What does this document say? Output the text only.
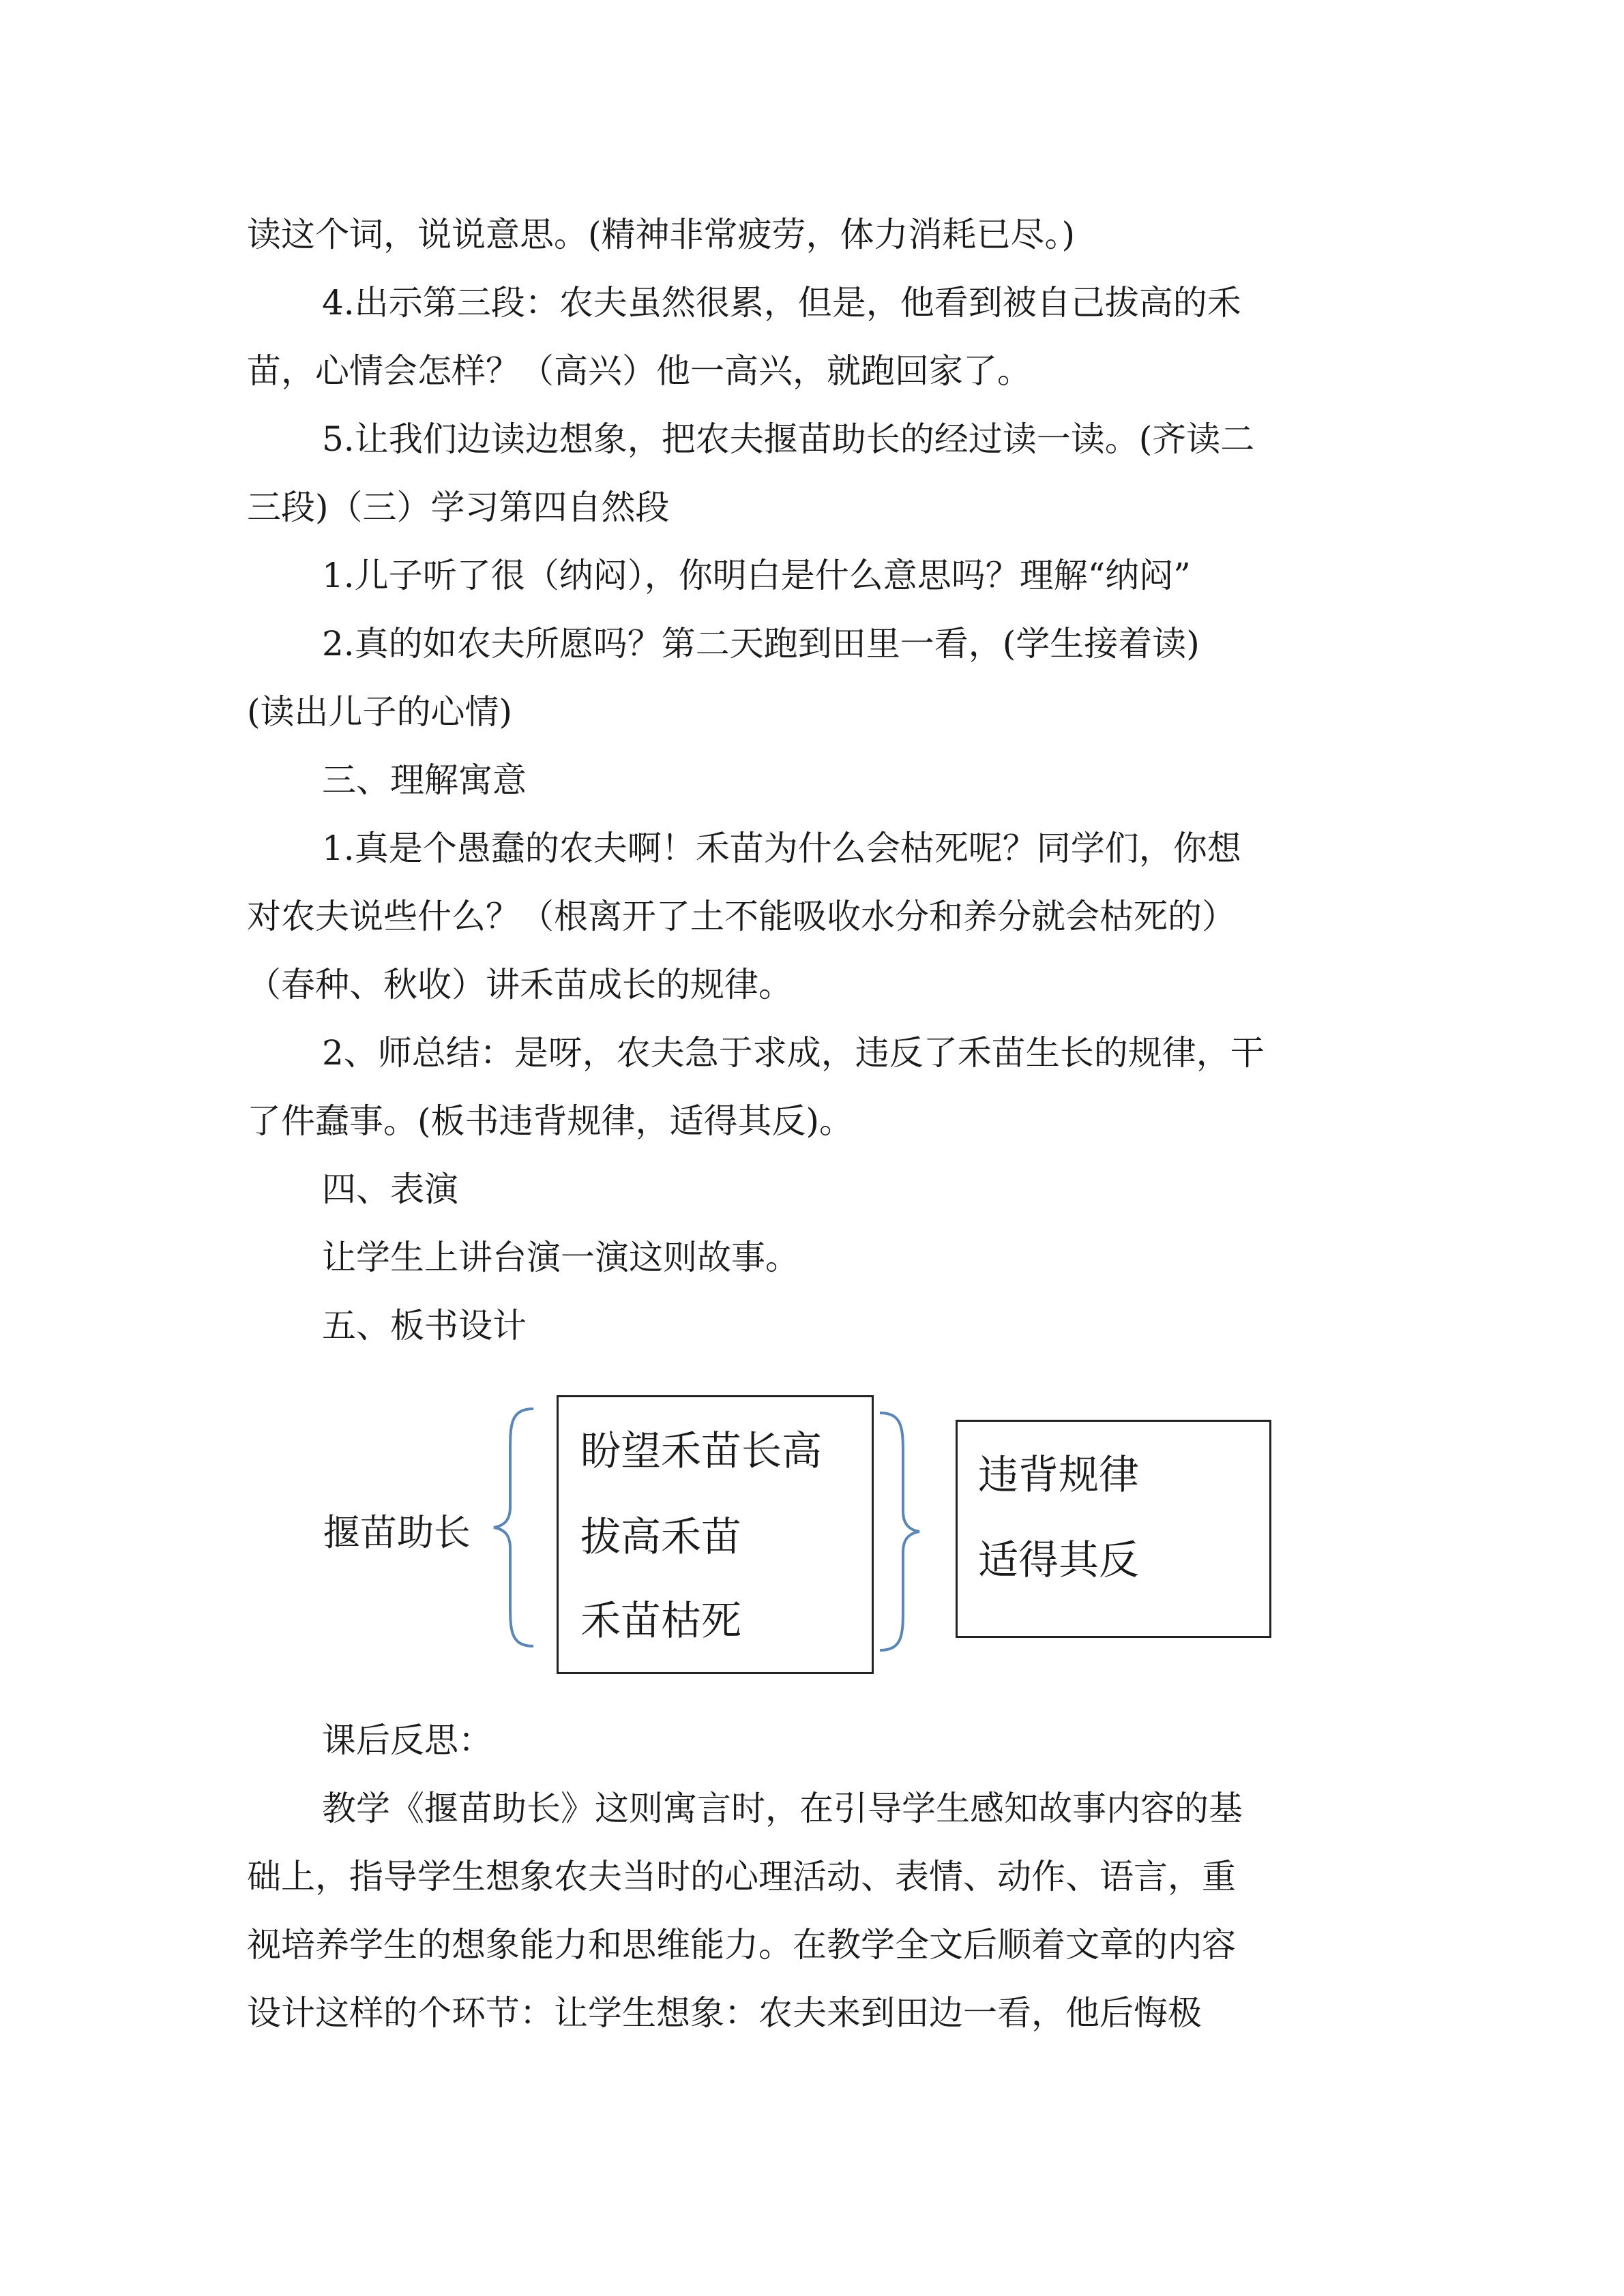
读这个词，说说意思。(精神非常疲劳，体力消耗已尽。)
4.出示第三段：农夫虽然很累，但是，他看到被自己拔高的禾
苗，心情会怎样？（高兴）他一高兴，就跑回家了。
5.让我们边读边想象，把农夫揠苗助长的经过读一读。(齐读二
三段)（三）学习第四自然段
1.儿子听了很（纳闷），你明白是什么意思吗？理解“纳闷”
2.真的如农夫所愿吗？第二天跑到田里一看，(学生接着读)
(读出儿子的心情)
三、理解寓意
1.真是个愚蠢的农夫啊！禾苗为什么会枯死呢？同学们，你想
对农夫说些什么？（根离开了土不能吸收水分和养分就会枯死的）
（春种、秋收）讲禾苗成长的规律。
2、师总结：是呀，农夫急于求成，违反了禾苗生长的规律，干
了件蠢事。(板书违背规律，适得其反)。
四、表演
让学生上讲台演一演这则故事。
五、板书设计
揠苗助长
盼望禾苗长高
拔高禾苗
禾苗枯死
违背规律
适得其反
课后反思：
教学《揠苗助长》这则寓言时，在引导学生感知故事内容的基
础上，指导学生想象农夫当时的心理活动、表情、动作、语言，重
视培养学生的想象能力和思维能力。在教学全文后顺着文章的内容
设计这样的个环节：让学生想象：农夫来到田边一看，他后悔极
